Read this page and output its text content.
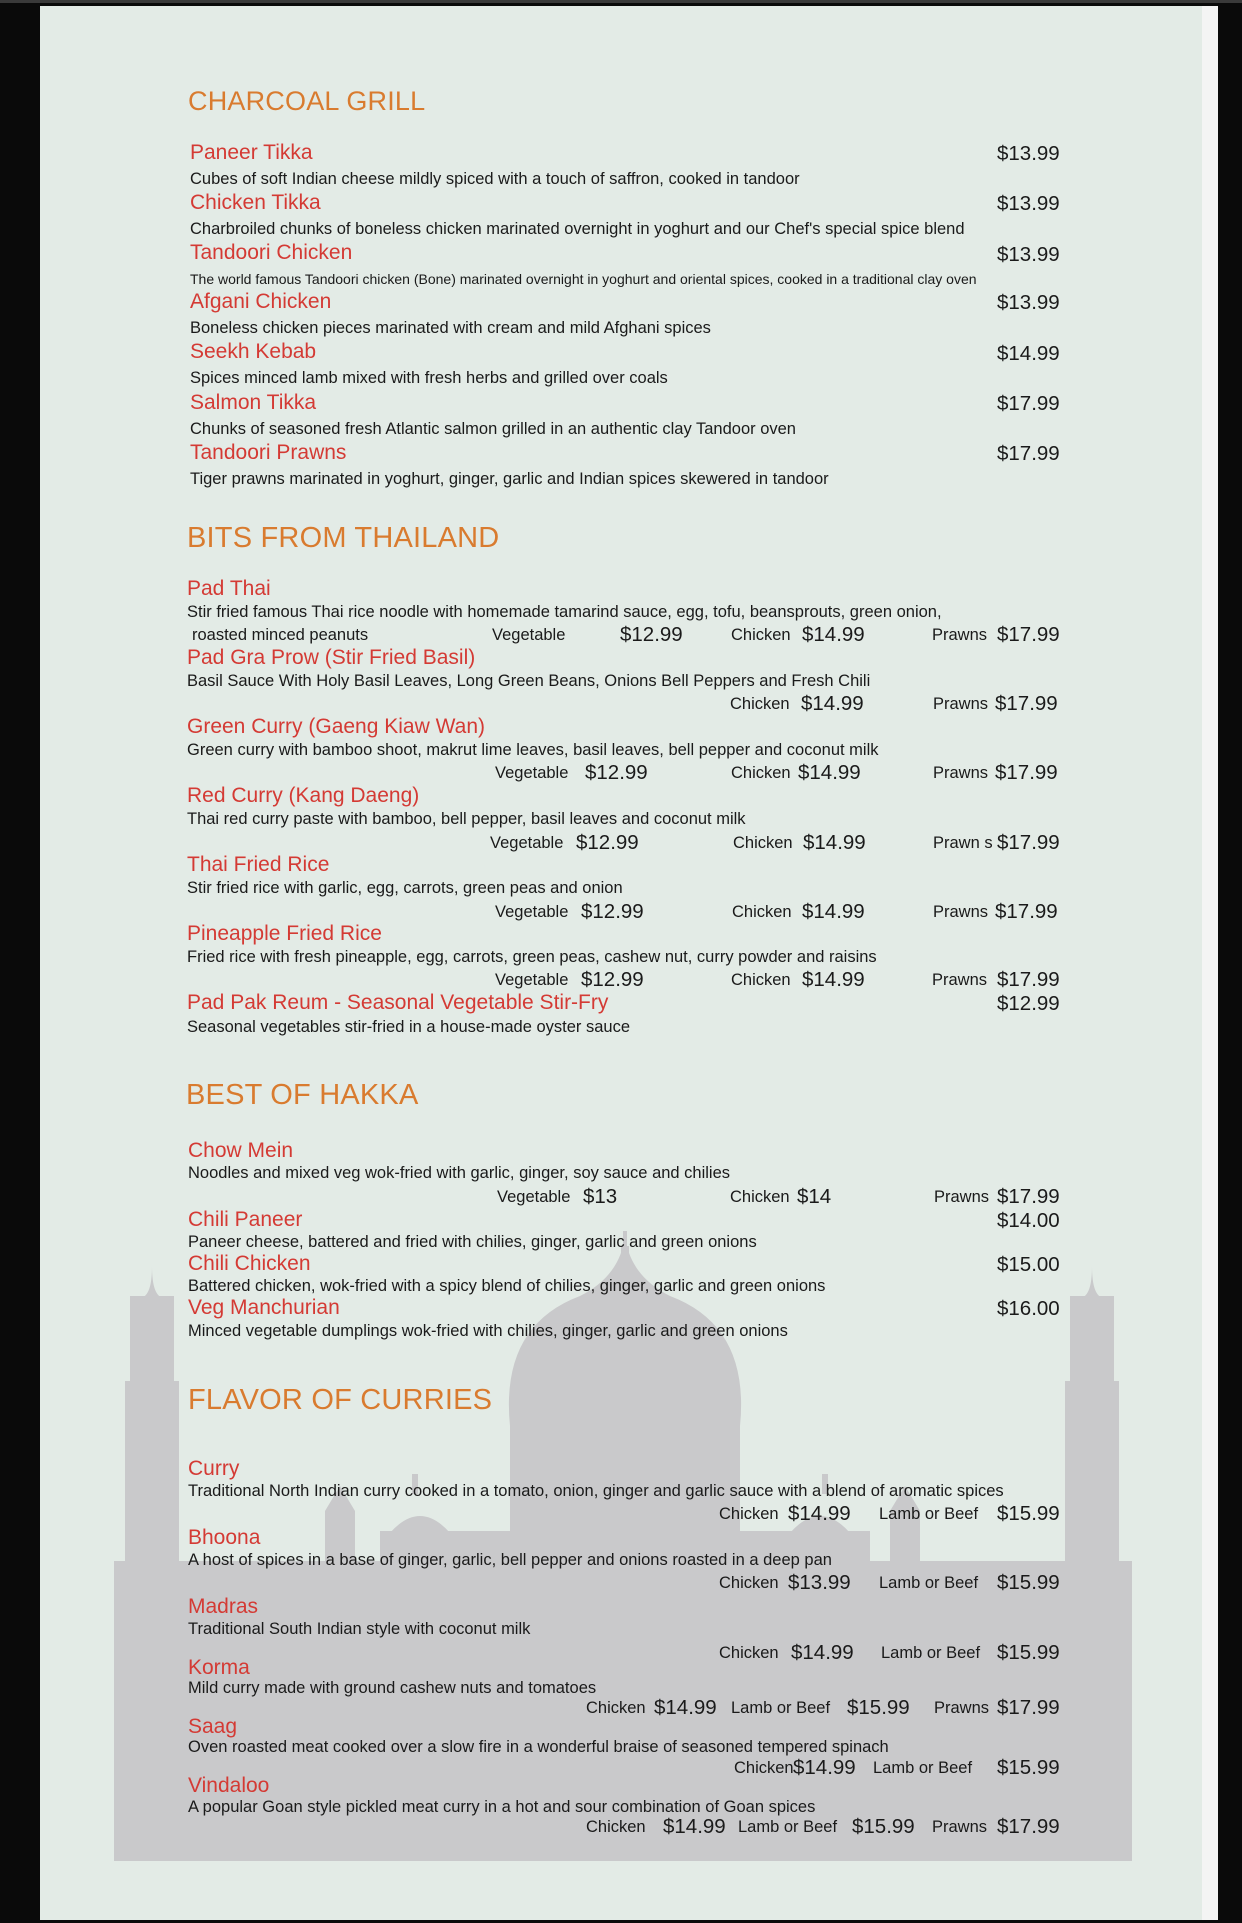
CHARCOAL GRILL
Paneer Tikka	$13.99
Cubes of soft Indian cheese mildly spiced with a touch of saffron, cooked in tandoor
Chicken Tikka	$13.99
Charbroiled chunks of boneless chicken marinated overnight in yoghurt and our Chef's special spice blend
Tandoori Chicken	$13.99
The world famous Tandoori chicken (Bone) marinated overnight in yoghurt and oriental spices, cooked in a traditional clay oven
Afgani Chicken	$13.99
Boneless chicken pieces marinated with cream and mild Afghani spices
Seekh Kebab	$14.99
Spices minced lamb mixed with fresh herbs and grilled over coals
Salmon Tikka	$17.99
Chunks of seasoned fresh Atlantic salmon grilled in an authentic clay Tandoor oven
Tandoori Prawns	$17.99
Tiger prawns marinated in yoghurt, ginger, garlic and Indian spices skewered in tandoor
BITS FROM THAILAND
Pad Thai
Stir fried famous Thai rice noodle with homemade tamarind sauce, egg, tofu, beansprouts, green onion,
roasted minced peanuts	Vegetable	$12.99	Chicken $14.99	Prawns $17.99
Pad Gra Prow (Stir Fried Basil)
Basil Sauce With Holy Basil Leaves, Long Green Beans, Onions Bell Peppers and Fresh Chili
Chicken $14.99	Prawns $17.99
Green Curry (Gaeng Kiaw Wan)
Green curry with bamboo shoot, makrut lime leaves, basil leaves, bell pepper and coconut milk
Vegetable $12.99	Chicken $14.99	Prawns $17.99
Red Curry (Kang Daeng)
Thai red curry paste with bamboo, bell pepper, basil leaves and coconut milk
Vegetable $12.99	Chicken $14.99	Prawn s $17.99
Thai Fried Rice
Stir fried rice with garlic, egg, carrots, green peas and onion
Vegetable $12.99	Chicken $14.99	Prawns $17.99
Pineapple Fried Rice
Fried rice with fresh pineapple, egg, carrots, green peas, cashew nut, curry powder and raisins
Vegetable $12.99	Chicken $14.99	Prawns $17.99
Pad Pak Reum - Seasonal Vegetable Stir-Fry	$12.99
Seasonal vegetables stir-fried in a house-made oyster sauce
BEST OF HAKKA
Chow Mein
Noodles and mixed veg wok-fried with garlic, ginger, soy sauce and chilies
Vegetable $13	Chicken $14	Prawns $17.99
Chili Paneer	$14.00
Paneer cheese, battered and fried with chilies, ginger, garlic and green onions
Chili Chicken	$15.00
Battered chicken, wok-fried with a spicy blend of chilies, ginger, garlic and green onions
Veg Manchurian	$16.00
Minced vegetable dumplings wok-fried with chilies, ginger, garlic and green onions
FLAVOR OF CURRIES
Curry
Traditional North Indian curry cooked in a tomato, onion, ginger and garlic sauce with a blend of aromatic spices
Chicken $14.99 Lamb or Beef $15.99
Bhoona
A host of spices in a base of ginger, garlic, bell pepper and onions roasted in a deep pan
Chicken $13.99 Lamb or Beef $15.99
Madras
Traditional South Indian style with coconut milk
Chicken $14.99 Lamb or Beef $15.99
Korma
Mild curry made with ground cashew nuts and tomatoes
Chicken $14.99 Lamb or Beef $15.99 Prawns $17.99
Saag
Oven roasted meat cooked over a slow fire in a wonderful braise of seasoned tempered spinach
Chicken $14.99 Lamb or Beef $15.99
Vindaloo
A popular Goan style pickled meat curry in a hot and sour combination of Goan spices
Chicken $14.99 Lamb or Beef $15.99 Prawns $17.99
